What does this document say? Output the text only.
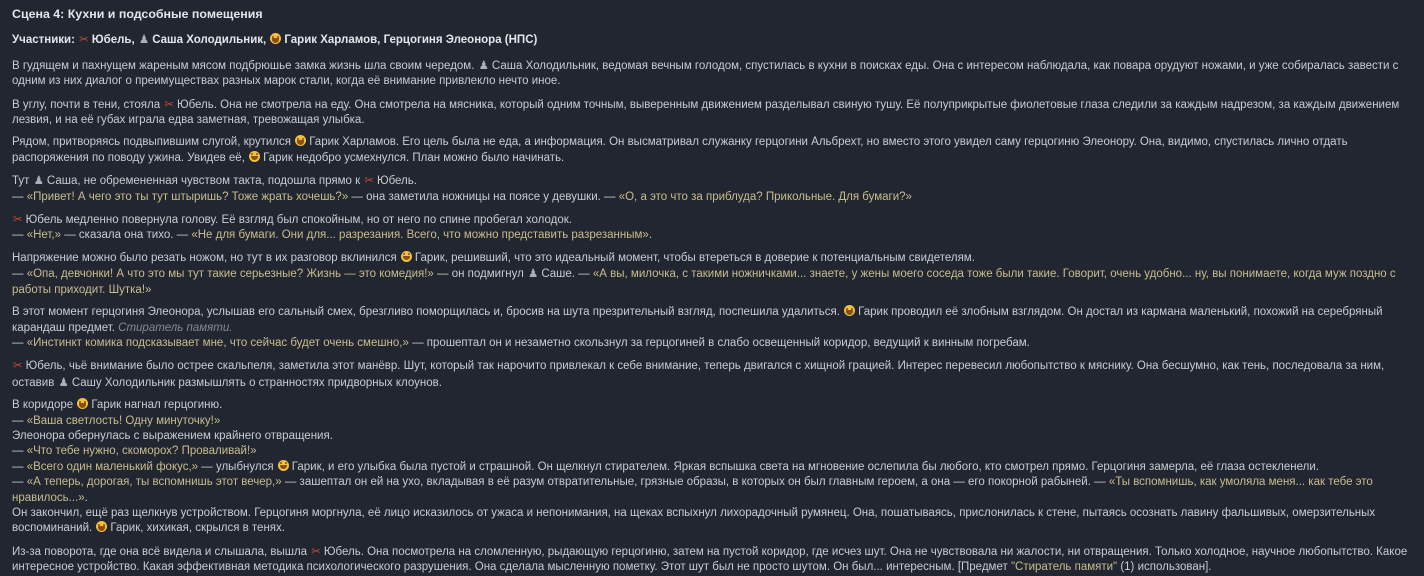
Сцена 4: Кухни и подсобные помещения
Участники: ✂ Юбель, ♟ Саша Холодильник, Гарик Харламов, Герцогиня Элеонора (НПС)
В гудящем и пахнущем жареным мясом подбрюшье замка жизнь шла своим чередом. ♟ Саша Холодильник, ведомая вечным голодом, спустилась в кухни в поисках еды. Она с интересом наблюдала, как повара орудуют ножами, и уже собиралась завести с одним из них диалог о преимуществах разных марок стали, когда её внимание привлекло нечто иное.
В углу, почти в тени, стояла ✂ Юбель. Она не смотрела на еду. Она смотрела на мясника, который одним точным, выверенным движением разделывал свиную тушу. Её полуприкрытые фиолетовые глаза следили за каждым надрезом, за каждым движением лезвия, и на её губах играла едва заметная, тревожащая улыбка.
Рядом, притворяясь подвыпившим слугой, крутился Гарик Харламов. Его цель была не еда, а информация. Он высматривал служанку герцогини Альбрехт, но вместо этого увидел саму герцогиню Элеонору. Она, видимо, спустилась лично отдать распоряжения по поводу ужина. Увидев её, Гарик недобро усмехнулся. План можно было начинать.
Тут ♟ Саша, не обремененная чувством такта, подошла прямо к ✂ Юбель.
— «Привет! А чего это ты тут штыришь? Тоже жрать хочешь?» — она заметила ножницы на поясе у девушки. — «О, а это что за приблуда? Прикольные. Для бумаги?»
✂ Юбель медленно повернула голову. Её взгляд был спокойным, но от него по спине пробегал холодок.
— «Нет,» — сказала она тихо. — «Не для бумаги. Они для... разрезания. Всего, что можно представить разрезанным».
Напряжение можно было резать ножом, но тут в их разговор вклинился Гарик, решивший, что это идеальный момент, чтобы втереться в доверие к потенциальным свидетелям.
— «Опа, девчонки! А что это мы тут такие серьезные? Жизнь — это комедия!» — он подмигнул ♟ Саше. — «А вы, милочка, с такими ножничками... знаете, у жены моего соседа тоже были такие. Говорит, очень удобно... ну, вы понимаете, когда муж поздно с работы приходит. Шутка!»
В этот момент герцогиня Элеонора, услышав его сальный смех, брезгливо поморщилась и, бросив на шута презрительный взгляд, поспешила удалиться. Гарик проводил её злобным взглядом. Он достал из кармана маленький, похожий на серебряный карандаш предмет. Стиратель памяти.
— «Инстинкт комика подсказывает мне, что сейчас будет очень смешно,» — прошептал он и незаметно скользнул за герцогиней в слабо освещенный коридор, ведущий к винным погребам.
✂ Юбель, чьё внимание было острее скальпеля, заметила этот манёвр. Шут, который так нарочито привлекал к себе внимание, теперь двигался с хищной грацией. Интерес перевесил любопытство к мяснику. Она бесшумно, как тень, последовала за ним, оставив ♟ Сашу Холодильник размышлять о странностях придворных клоунов.
В коридоре Гарик нагнал герцогиню.
— «Ваша светлость! Одну минуточку!»
Элеонора обернулась с выражением крайнего отвращения.
— «Что тебе нужно, скоморох? Проваливай!»
— «Всего один маленький фокус,» — улыбнулся Гарик, и его улыбка была пустой и страшной. Он щелкнул стирателем. Яркая вспышка света на мгновение ослепила бы любого, кто смотрел прямо. Герцогиня замерла, её глаза остекленели.
— «А теперь, дорогая, ты вспомнишь этот вечер,» — зашептал он ей на ухо, вкладывая в её разум отвратительные, грязные образы, в которых он был главным героем, а она — его покорной рабыней. — «Ты вспомнишь, как умоляла меня... как тебе это нравилось...».
Он закончил, ещё раз щелкнув устройством. Герцогиня моргнула, её лицо исказилось от ужаса и непонимания, на щеках вспыхнул лихорадочный румянец. Она, пошатываясь, прислонилась к стене, пытаясь осознать лавину фальшивых, омерзительных воспоминаний. Гарик, хихикая, скрылся в тенях.
Из-за поворота, где она всё видела и слышала, вышла ✂ Юбель. Она посмотрела на сломленную, рыдающую герцогиню, затем на пустой коридор, где исчез шут. Она не чувствовала ни жалости, ни отвращения. Только холодное, научное любопытство. Какое интересное устройство. Какая эффективная методика психологического разрушения. Она сделала мысленную пометку. Этот шут был не просто шутом. Он был... интересным. [Предмет "Стиратель памяти" (1) использован].
